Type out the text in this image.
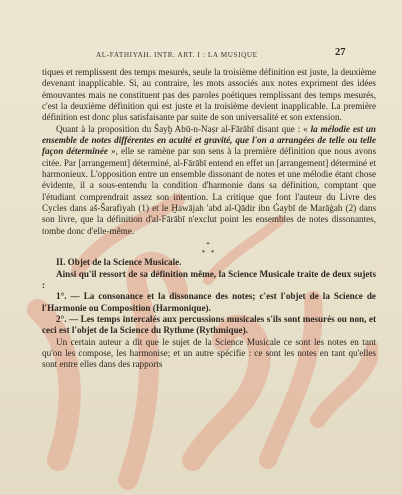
AL-FATHIYAH. INTR. ART. I : LA MUSIQUE	27

tiques et remplissent des temps mesurés, seule la troisième définition est juste, la deuxième devenant inapplicable. Si, au contraire, les mots associés aux notes expriment des idées émouvantes mais ne constituent pas des paroles poétiques remplissant des temps mesurés, c'est la deuxième définition qui est juste et la troisième devient inapplicable. La première définition est donc plus satisfaisante par suite de son universalité et son extension.

Quant à la proposition du Šayḫ Abū-n-Naṣr al-Fārābī disant que : « la mélodie est un ensemble de notes différentes en acuité et gravité, que l'on a arrangées de telle ou telle façon déterminée », elle se ramène par son sens à la première définition que nous avons citée. Par [arrangement] déterminé, al-Fārābī entend en effet un [arrangement] déterminé et harmonieux. L'opposition entre un ensemble dissonant de notes et une mélodie étant chose évidente, il a sous-entendu la condition d'harmonie dans sa définition, comptant que l'étudiant comprendrait assez son intention. La critique que font l'auteur du Livre des Cycles dans aš-Šarafiyah (1) et le Ḫawājah 'abd al-Qādir ibn Ġaybī de Marāġah (2) dans son livre, que la définition d'al-Fārābī n'exclut point les ensembles de notes dissonantes, tombe donc d'elle-même.

*
* *

II. Objet de la Science Musicale.

Ainsi qu'il ressort de sa définition même, la Science Musicale traite de deux sujets :

1°. — La consonance et la dissonance des notes; c'est l'objet de la Science de l'Harmonie ou Composition (Harmonique).

2°. — Les temps intercalés aux percussions musicales s'ils sont mesurés ou non, et ceci est l'objet de la Science du Rythme (Rythmique).

Un certain auteur a dit que le sujet de la Science Musicale ce sont les notes en tant qu'on les compose, les harmonise; et un autre spécifie : ce sont les notes en tant qu'elles sont entre elles dans des rapports
